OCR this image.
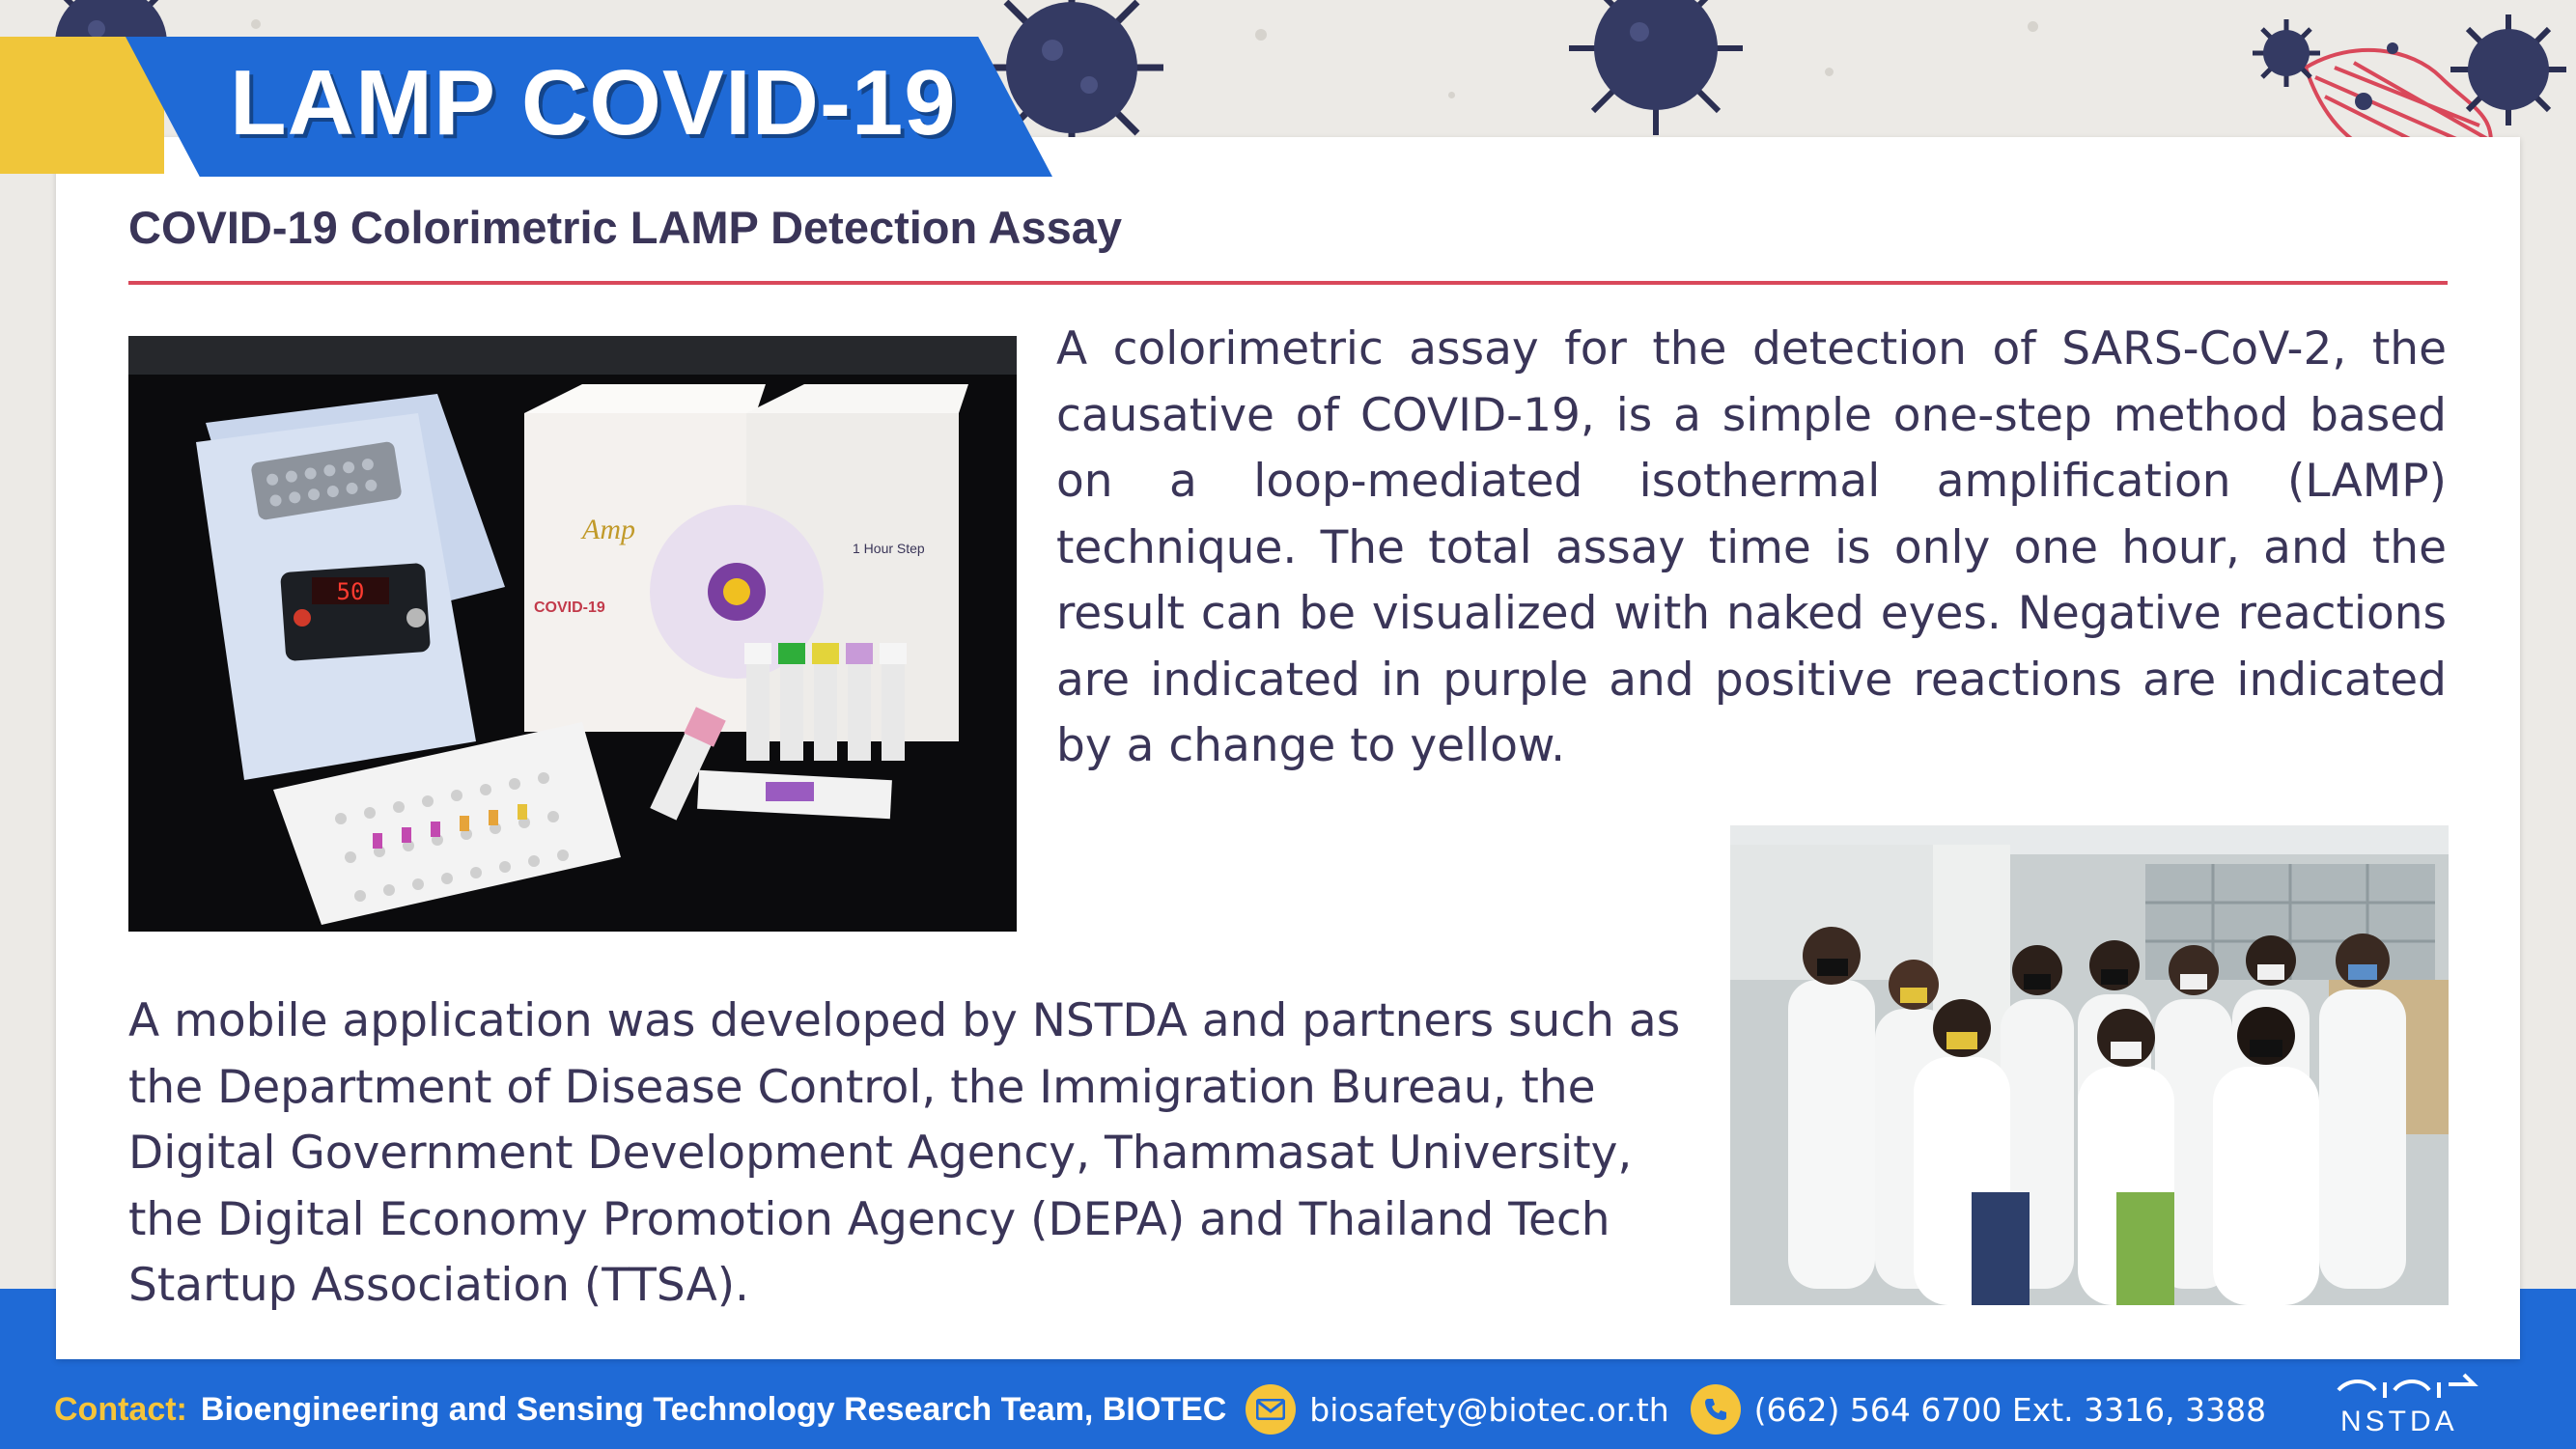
LAMP COVID-19
COVID-19 Colorimetric LAMP Detection Assay
50
Amp
COVID-19
1 Hour Step

A colorimetric assay for the detection of SARS-CoV-2, the causative of COVID-19, is a simple one-step method based on a loop-mediated isothermal amplification (LAMP) technique. The total assay time is only one hour, and the result can be visualized with naked eyes. Negative reactions are indicated in purple and positive reactions are indicated by a change to yellow.

A mobile application was developed by NSTDA and partners such as the Department of Disease Control, the Immigration Bureau, the Digital Government Development Agency, Thammasat University, the Digital Economy Promotion Agency (DEPA) and Thailand Tech Startup Association (TTSA).

Contact: Bioengineering and Sensing Technology Research Team, BIOTEC	biosafety@biotec.or.th	(662) 564 6700 Ext. 3316, 3388	NSTDA
